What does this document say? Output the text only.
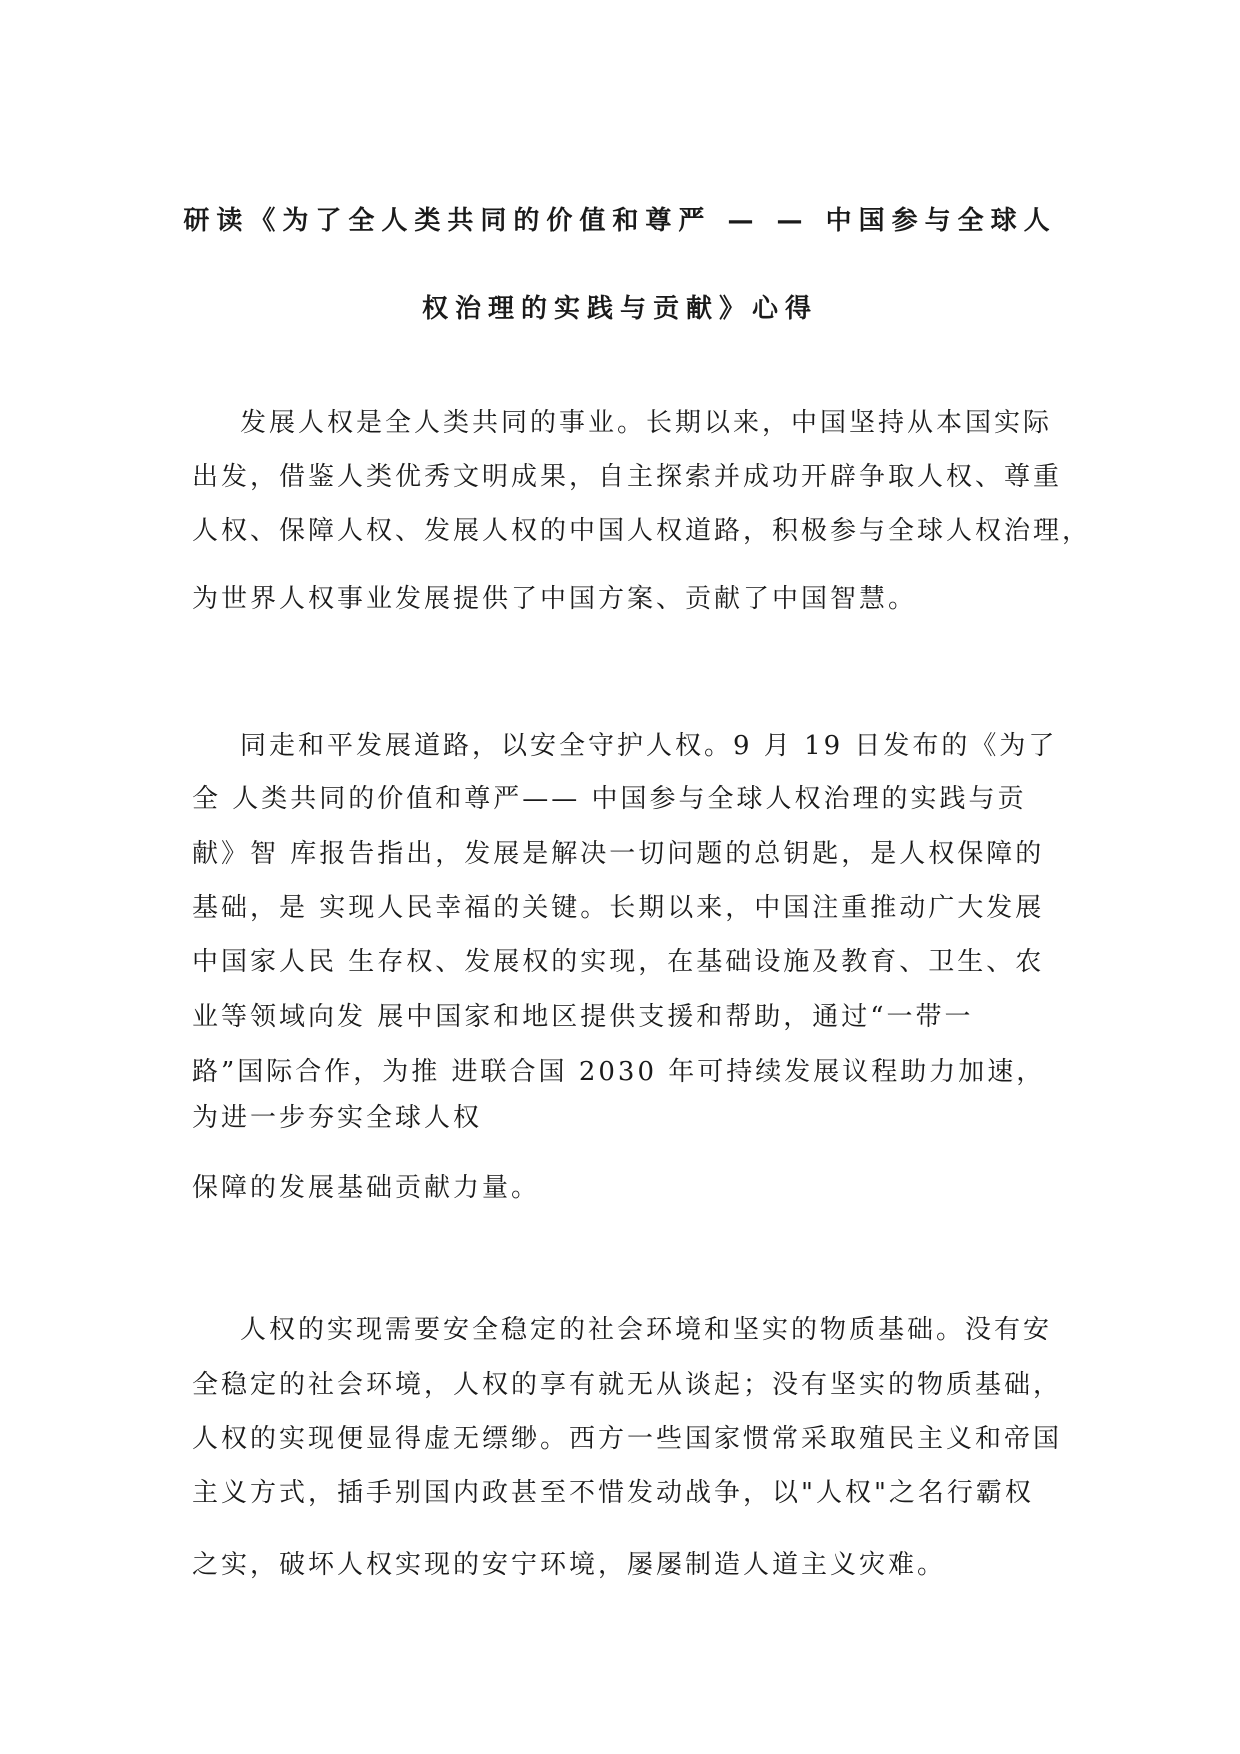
研读《为了全人类共同的价值和尊严 — — 中国参与全球人
权治理的实践与贡献》心得

发展人权是全人类共同的事业。长期以来，中国坚持从本国实际

出发，借鉴人类优秀文明成果，自主探索并成功开辟争取人权、尊重

人权、保障人权、发展人权的中国人权道路，积极参与全球人权治理，

为世界人权事业发展提供了中国方案、贡献了中国智慧。

同走和平发展道路，以安全守护人权。9 月 19 日发布的《为了

全 人类共同的价值和尊严—— 中国参与全球人权治理的实践与贡

献》智 库报告指出，发展是解决一切问题的总钥匙，是人权保障的

基础，是 实现人民幸福的关键。长期以来，中国注重推动广大发展

中国家人民 生存权、发展权的实现，在基础设施及教育、卫生、农

业等领域向发 展中国家和地区提供支援和帮助，通过“一带一

路”国际合作，为推 进联合国 2030 年可持续发展议程助力加速，

为进一步夯实全球人权

保障的发展基础贡献力量。

人权的实现需要安全稳定的社会环境和坚实的物质基础。没有安

全稳定的社会环境，人权的享有就无从谈起；没有坚实的物质基础，

人权的实现便显得虚无缥缈。西方一些国家惯常采取殖民主义和帝国

主义方式，插手别国内政甚至不惜发动战争，以"人权"之名行霸权

之实，破坏人权实现的安宁环境，屡屡制造人道主义灾难。
